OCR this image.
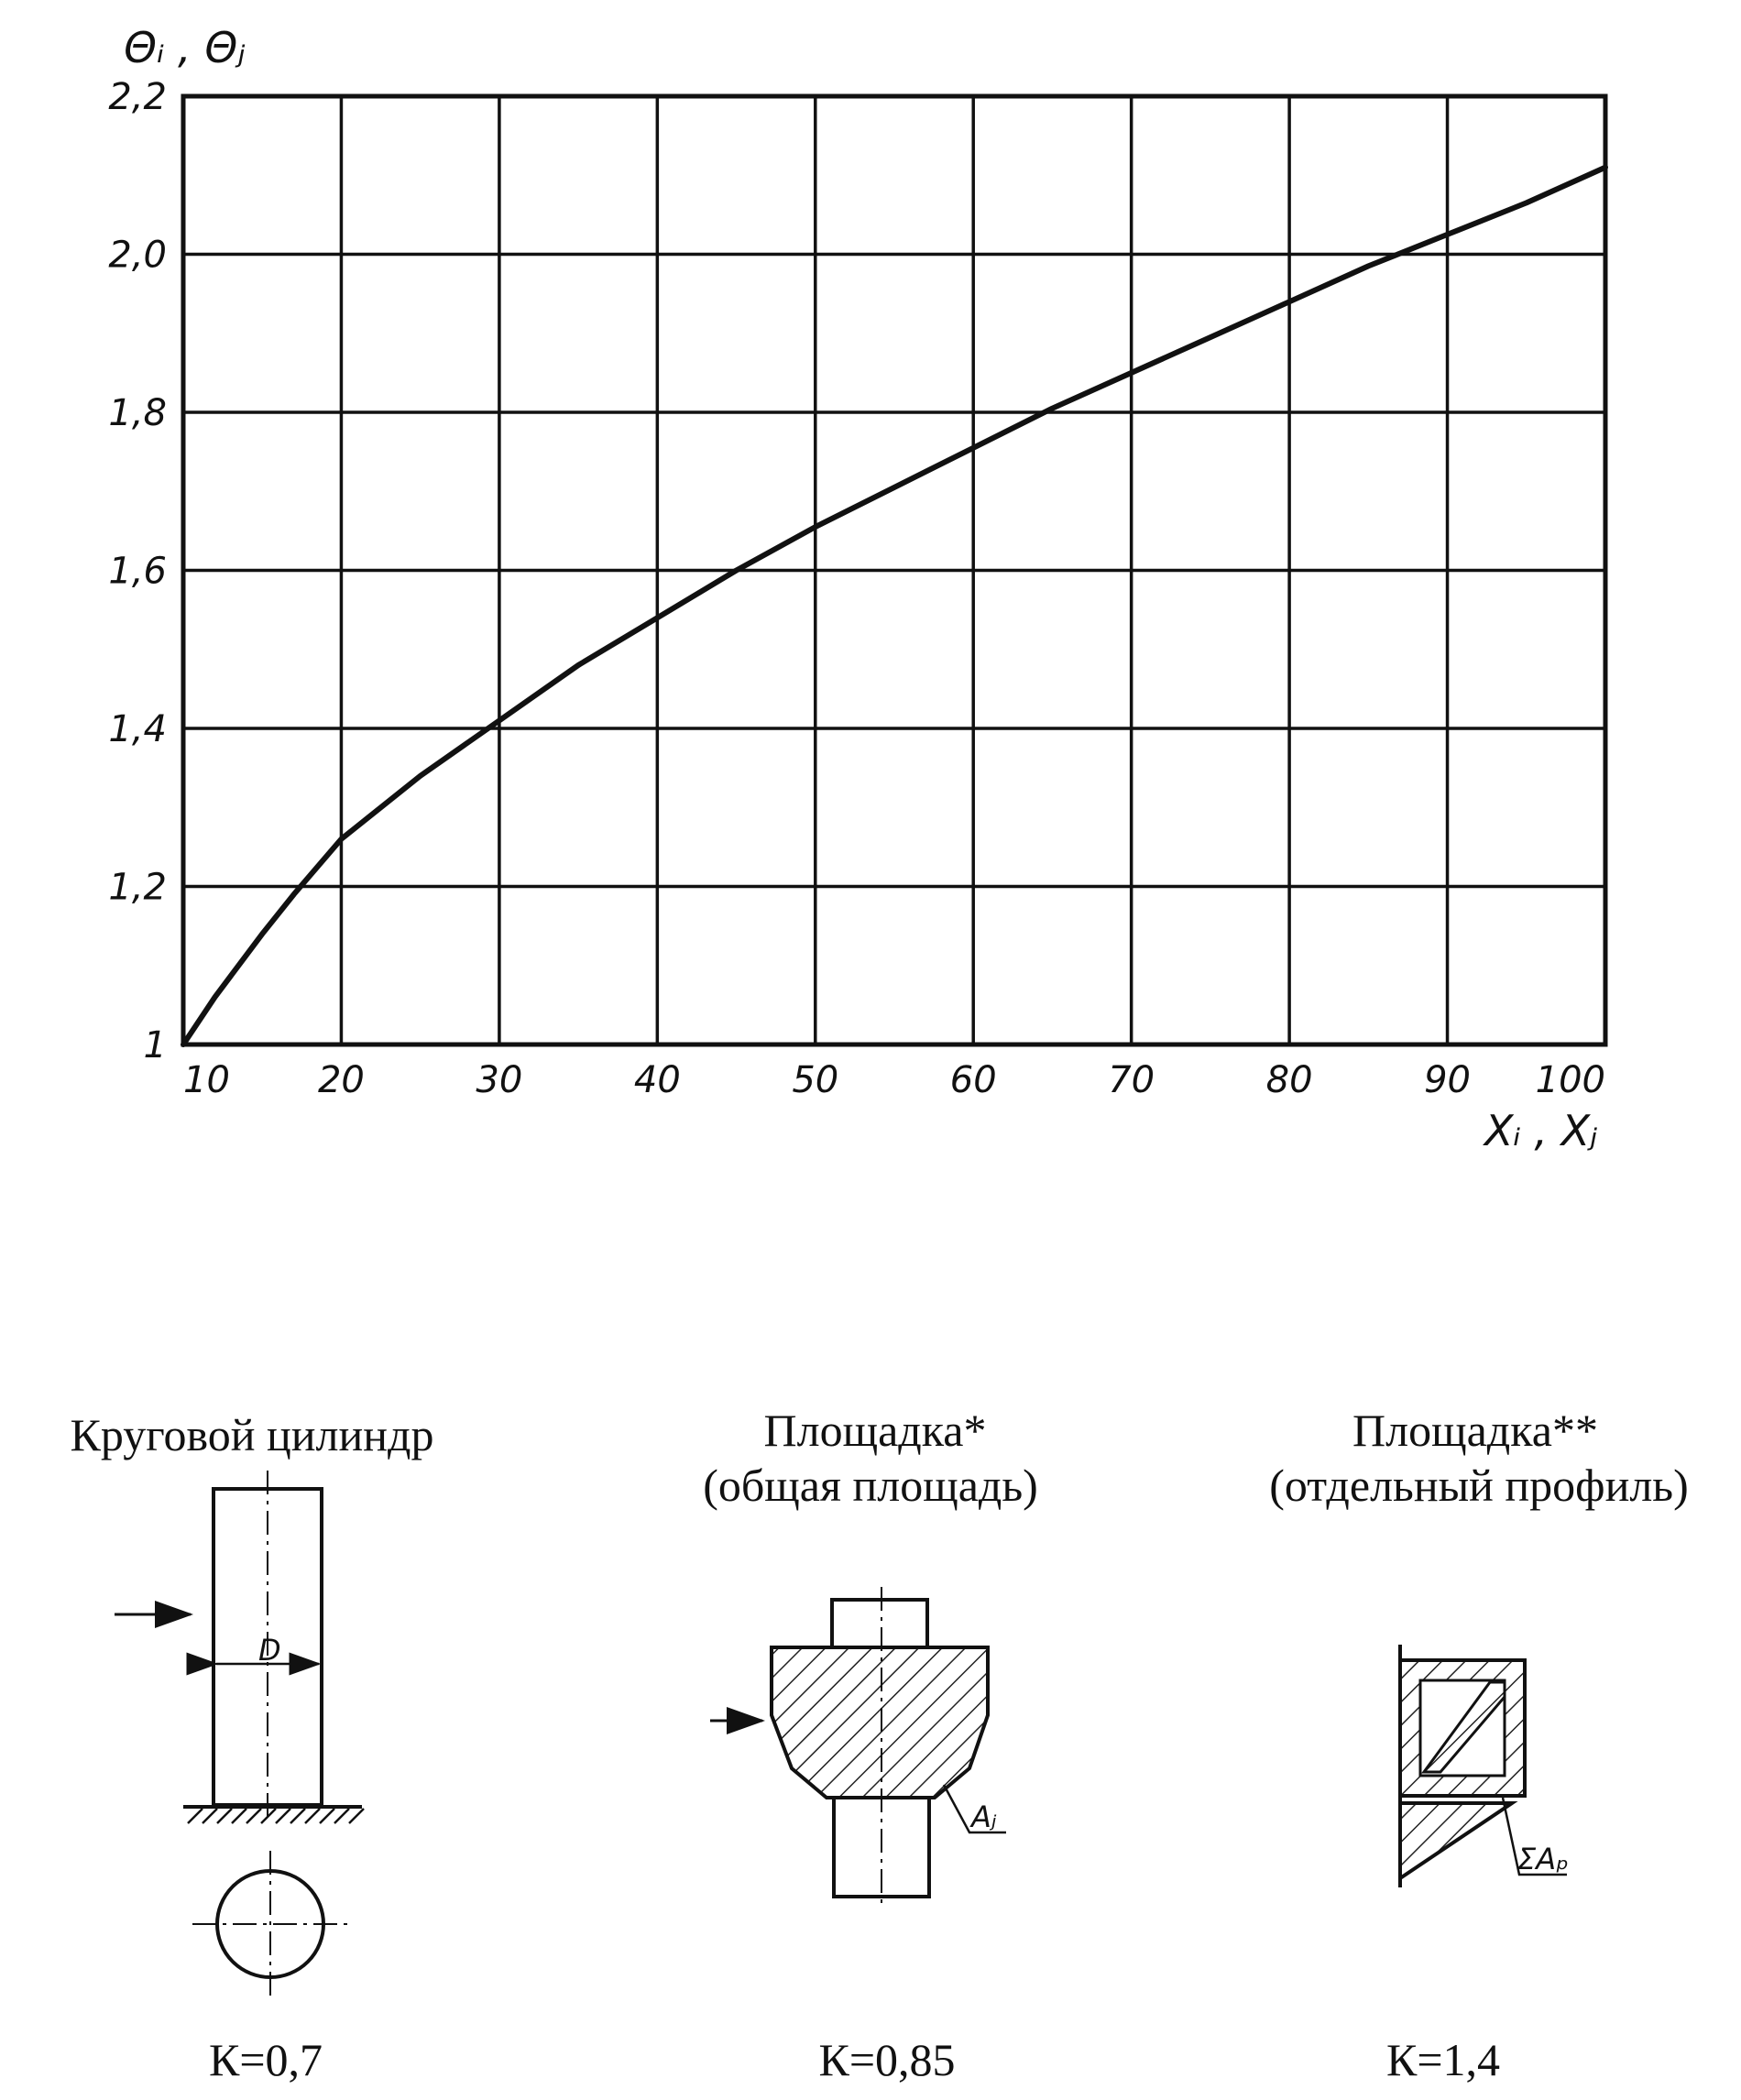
10 20	30	40	50	60	70	80	90 100
1
1,2
1,4
1,6
1,8
2,0
2,2
Θᵢ , Θⱼ
Xᵢ , Xⱼ
Круговой цилиндр
D
К=0,7
Площадка*
(общая площадь)
Aⱼ
К=0,85
Площадка**
(отдельный профиль)
ΣAₚ
К=1,4
